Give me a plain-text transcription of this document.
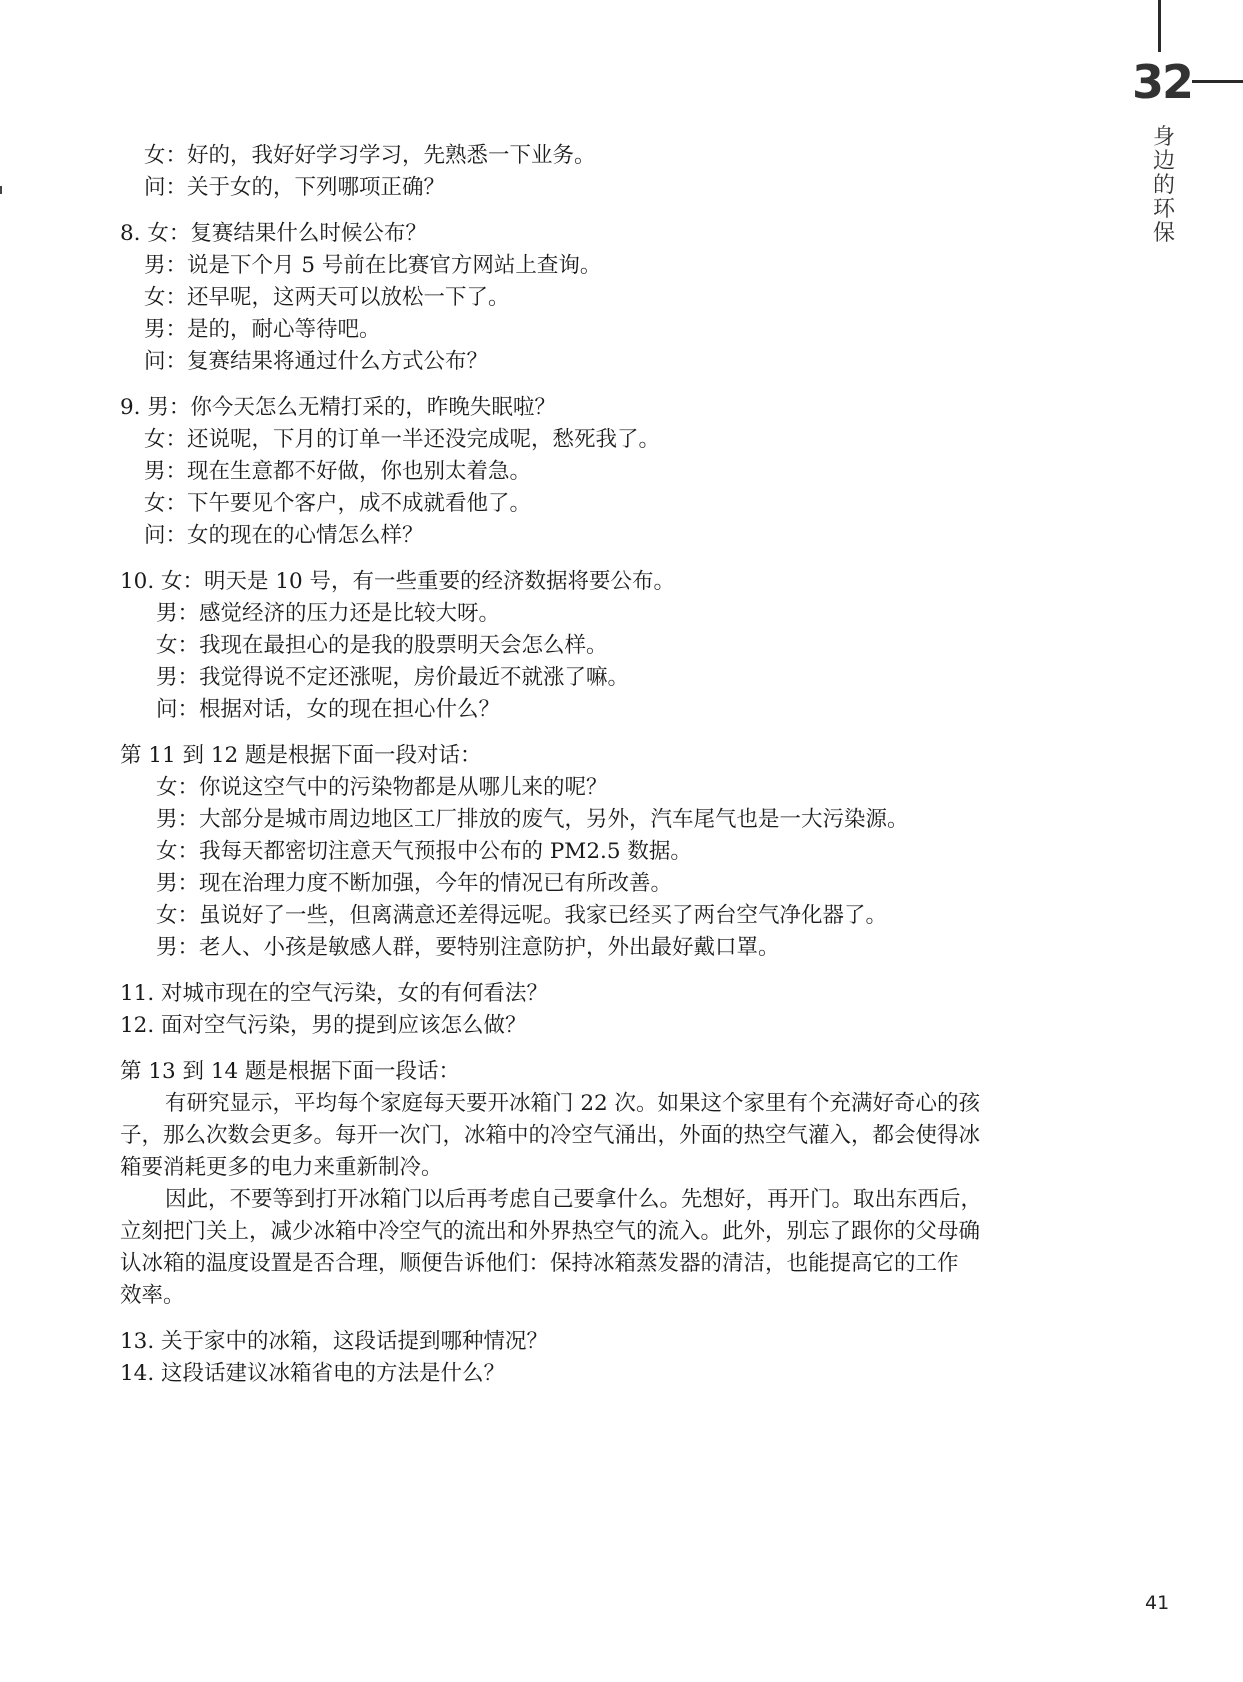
32
身
边
的
环
保
女：好的，我好好学习学习，先熟悉一下业务。
问：关于女的，下列哪项正确？
8. 女：复赛结果什么时候公布？
男：说是下个月 5 号前在比赛官方网站上查询。
女：还早呢，这两天可以放松一下了。
男：是的，耐心等待吧。
问：复赛结果将通过什么方式公布？
9. 男：你今天怎么无精打采的，昨晚失眠啦？
女：还说呢，下月的订单一半还没完成呢，愁死我了。
男：现在生意都不好做，你也别太着急。
女：下午要见个客户，成不成就看他了。
问：女的现在的心情怎么样？
10. 女：明天是 10 号，有一些重要的经济数据将要公布。
男：感觉经济的压力还是比较大呀。
女：我现在最担心的是我的股票明天会怎么样。
男：我觉得说不定还涨呢，房价最近不就涨了嘛。
问：根据对话，女的现在担心什么？
第 11 到 12 题是根据下面一段对话：
女：你说这空气中的污染物都是从哪儿来的呢？
男：大部分是城市周边地区工厂排放的废气，另外，汽车尾气也是一大污染源。
女：我每天都密切注意天气预报中公布的 PM2.5 数据。
男：现在治理力度不断加强，今年的情况已有所改善。
女：虽说好了一些，但离满意还差得远呢。我家已经买了两台空气净化器了。
男：老人、小孩是敏感人群，要特别注意防护，外出最好戴口罩。
11. 对城市现在的空气污染，女的有何看法？
12. 面对空气污染，男的提到应该怎么做？
第 13 到 14 题是根据下面一段话：
有研究显示，平均每个家庭每天要开冰箱门 22 次。如果这个家里有个充满好奇心的孩
子，那么次数会更多。每开一次门，冰箱中的冷空气涌出，外面的热空气灌入，都会使得冰
箱要消耗更多的电力来重新制冷。
因此，不要等到打开冰箱门以后再考虑自己要拿什么。先想好，再开门。取出东西后，
立刻把门关上，减少冰箱中冷空气的流出和外界热空气的流入。此外，别忘了跟你的父母确
认冰箱的温度设置是否合理，顺便告诉他们：保持冰箱蒸发器的清洁，也能提高它的工作
效率。
13. 关于家中的冰箱，这段话提到哪种情况？
14. 这段话建议冰箱省电的方法是什么？
41
